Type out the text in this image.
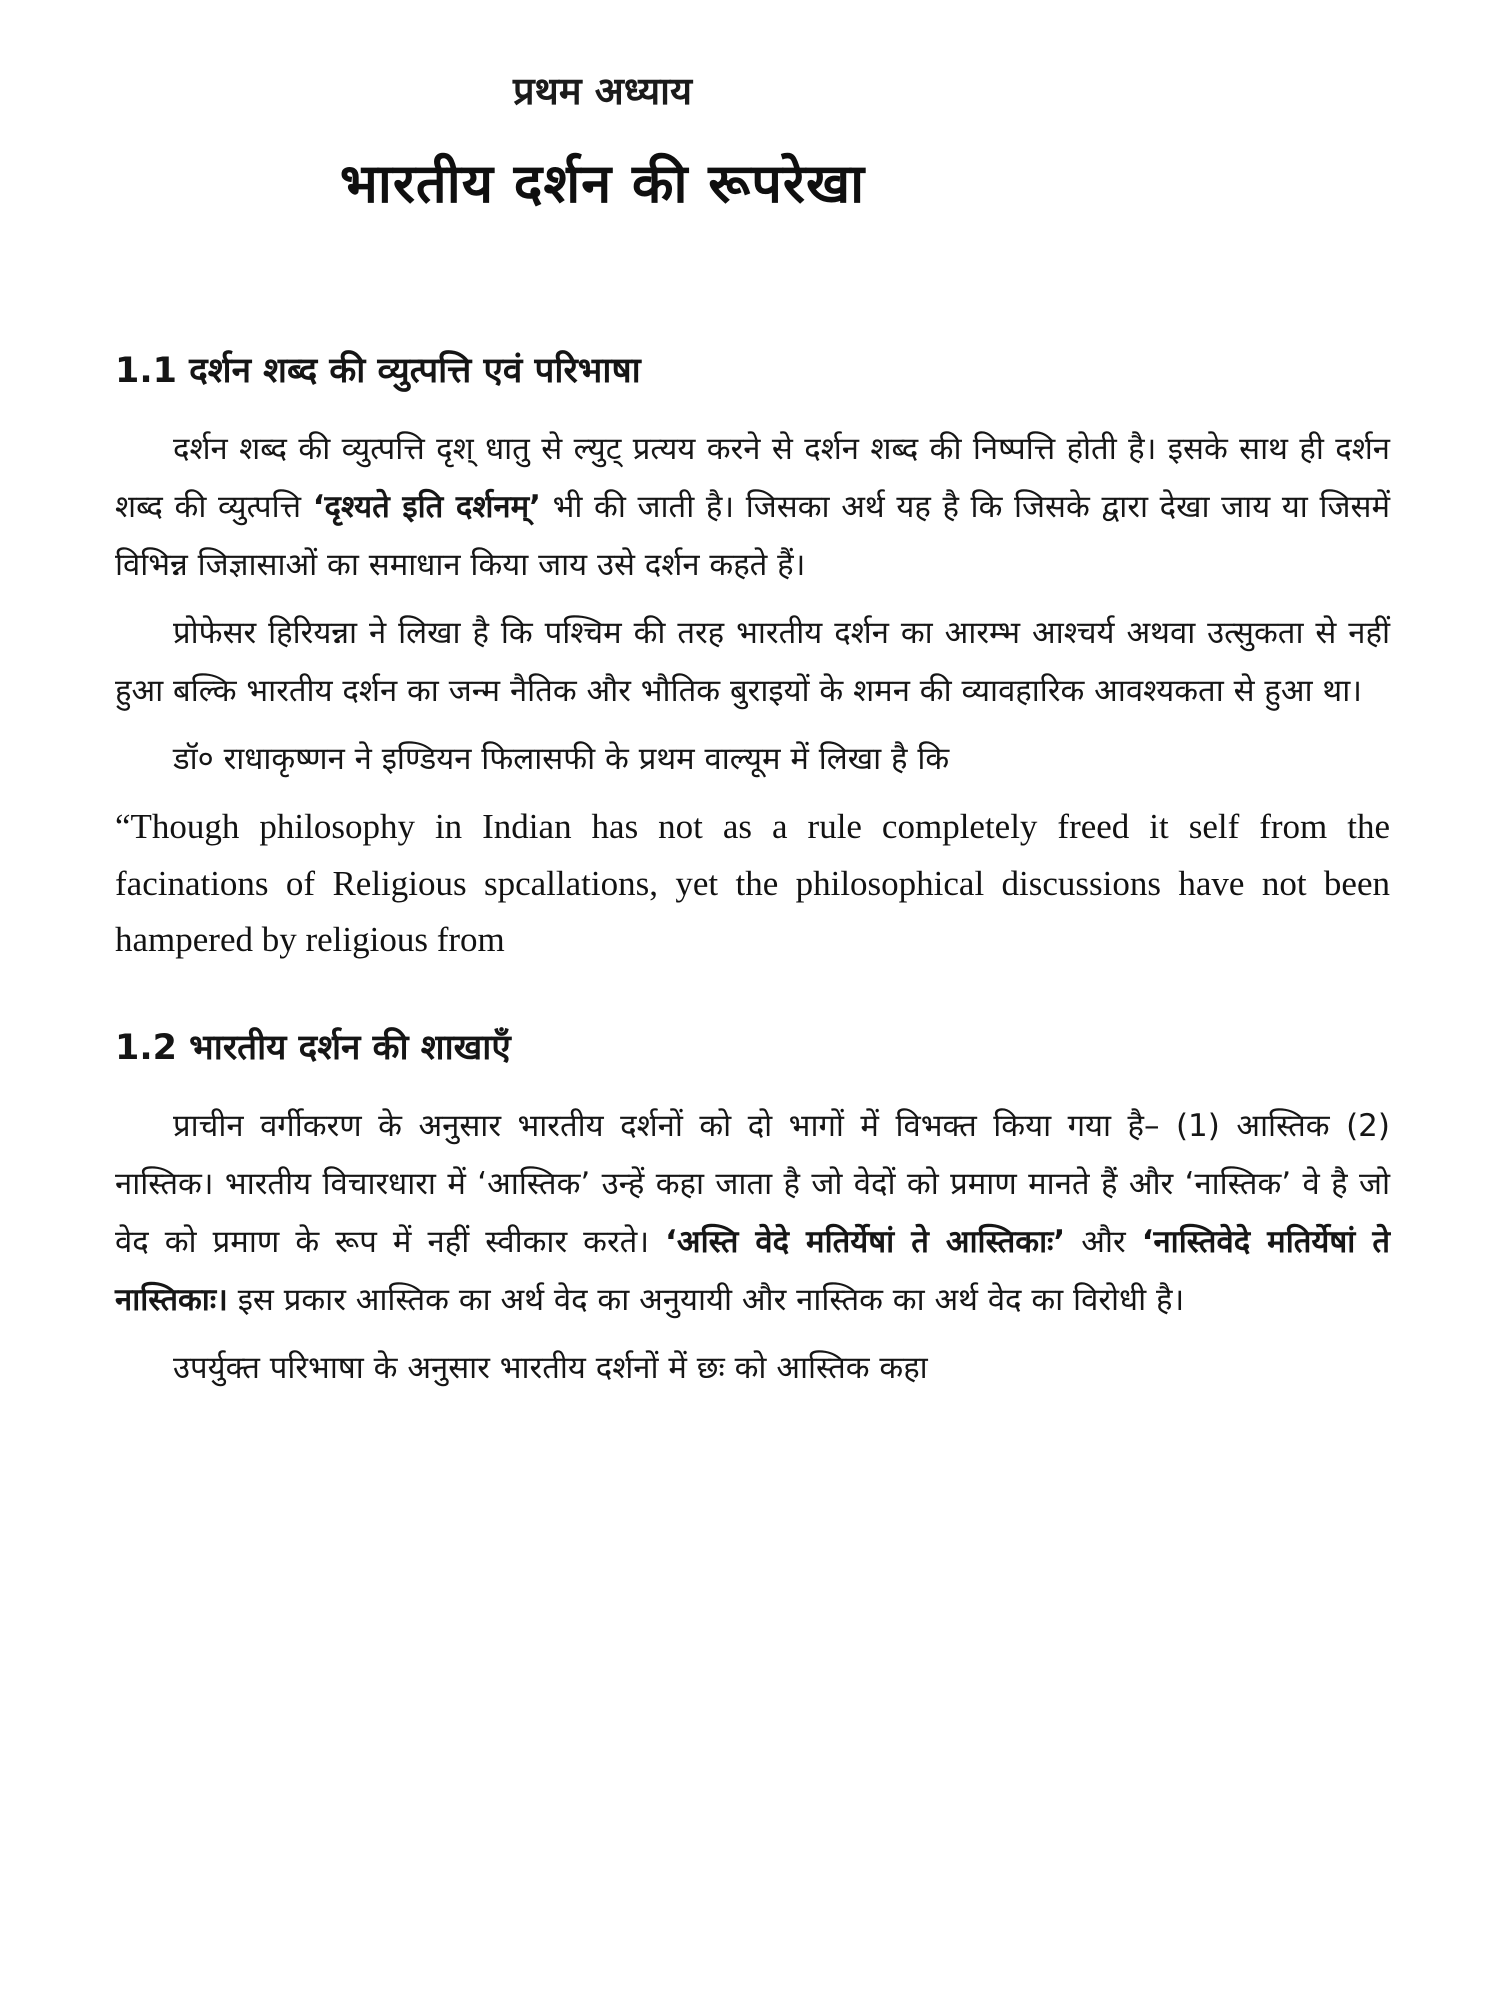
प्रथम अध्याय
भारतीय दर्शन की रूपरेखा
1.1 दर्शन शब्द की व्युत्पत्ति एवं परिभाषा

दर्शन शब्द की व्युत्पत्ति दृश् धातु से ल्युट् प्रत्यय करने से दर्शन शब्द की निष्पत्ति होती है। इसके साथ ही दर्शन शब्द की व्युत्पत्ति ‘दृश्यते इति दर्शनम्’ भी की जाती है। जिसका अर्थ यह है कि जिसके द्वारा देखा जाय या जिसमें विभिन्न जिज्ञासाओं का समाधान किया जाय उसे दर्शन कहते हैं।

प्रोफेसर हिरियन्ना ने लिखा है कि पश्चिम की तरह भारतीय दर्शन का आरम्भ आश्चर्य अथवा उत्सुकता से नहीं हुआ बल्कि भारतीय दर्शन का जन्म नैतिक और भौतिक बुराइयों के शमन की व्यावहारिक आवश्यकता से हुआ था।

डॉ० राधाकृष्णन ने इण्डियन फिलासफी के प्रथम वाल्यूम में लिखा है कि

“Though philosophy in Indian has not as a rule completely freed it self from the facinations of Religious spcallations, yet the philosophical discussions have not been hampered by religious from

1.2 भारतीय दर्शन की शाखाएँ

प्राचीन वर्गीकरण के अनुसार भारतीय दर्शनों को दो भागों में विभक्त किया गया है– (1) आस्तिक (2) नास्तिक। भारतीय विचारधारा में ‘आस्तिक’ उन्हें कहा जाता है जो वेदों को प्रमाण मानते हैं और ‘नास्तिक’ वे है जो वेद को प्रमाण के रूप में नहीं स्वीकार करते। ‘अस्ति वेदे मतिर्येषां ते आस्तिकाः’ और ‘नास्तिवेदे मतिर्येषां ते नास्तिकाः। इस प्रकार आस्तिक का अर्थ वेद का अनुयायी और नास्तिक का अर्थ वेद का विरोधी है।

उपर्युक्त परिभाषा के अनुसार भारतीय दर्शनों में छः को आस्तिक कहा
